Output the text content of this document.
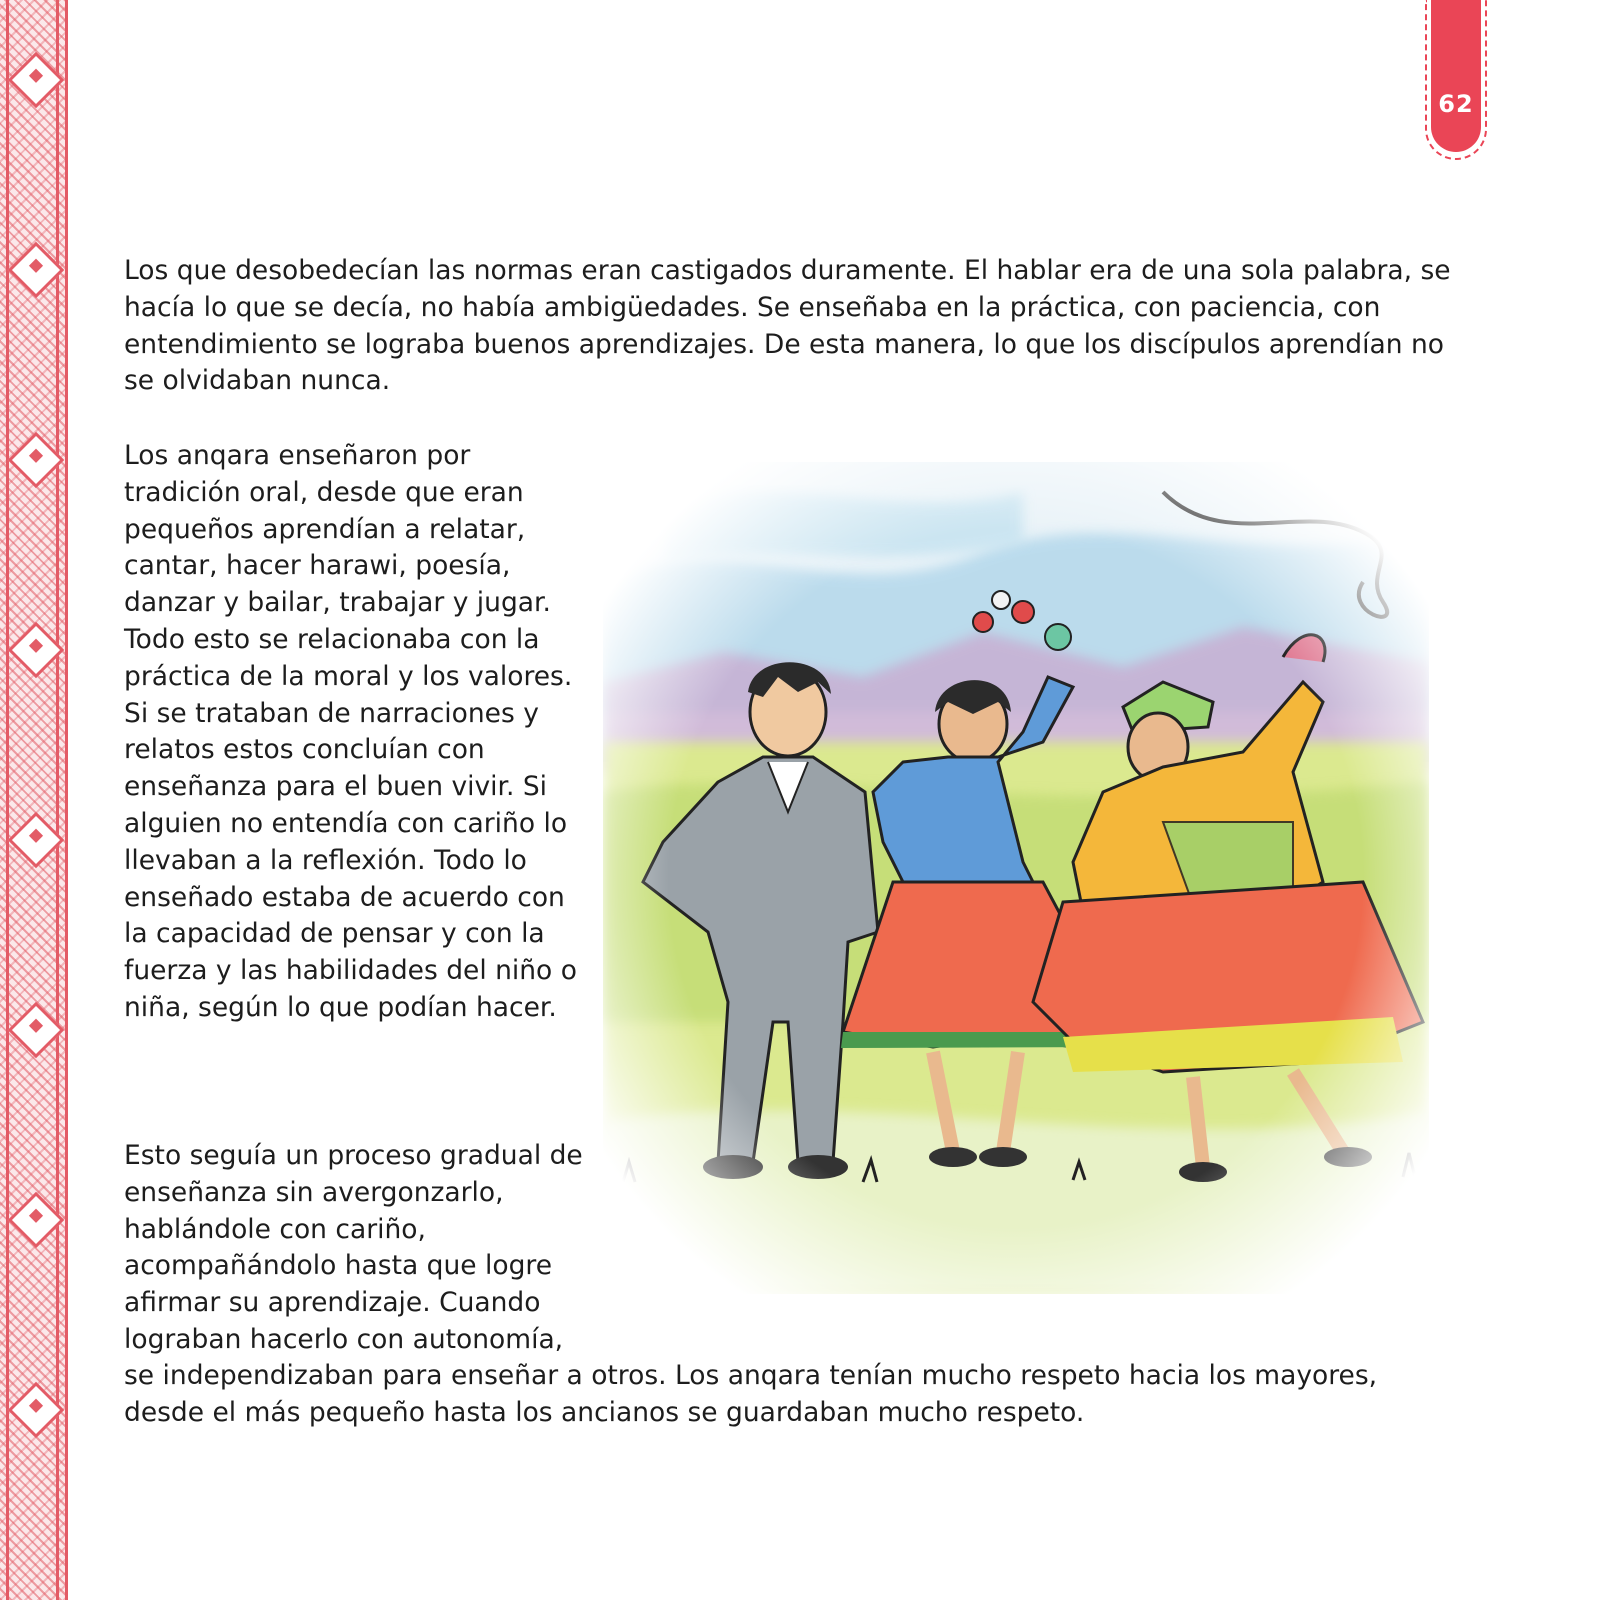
62

Los que desobedecían las normas eran castigados duramente. El hablar era de una sola palabra, se hacía lo que se decía, no había ambigüedades. Se enseñaba en la práctica, con paciencia, con entendimiento se lograba buenos aprendizajes. De esta manera, lo que los discípulos aprendían no se olvidaban nunca.

Los anqara enseñaron por tradición oral, desde que eran pequeños aprendían a relatar, cantar, hacer harawi, poesía, danzar y bailar, trabajar y jugar. Todo esto se relacionaba con la práctica de la moral y los valores. Si se trataban de narraciones y relatos estos concluían con enseñanza para el buen vivir. Si alguien no entendía con cariño lo llevaban a la reflexión. Todo lo enseñado estaba de acuerdo con la capacidad de pensar y con la fuerza y las habilidades del niño o niña, según lo que podían hacer.

Esto seguía un proceso gradual de enseñanza sin avergonzarlo, hablándole con cariño, acompañándolo hasta que logre afirmar su aprendizaje. Cuando lograban hacerlo con autonomía,

se independizaban para enseñar a otros. Los anqara tenían mucho respeto hacia los mayores, desde el más pequeño hasta los ancianos se guardaban mucho respeto.
